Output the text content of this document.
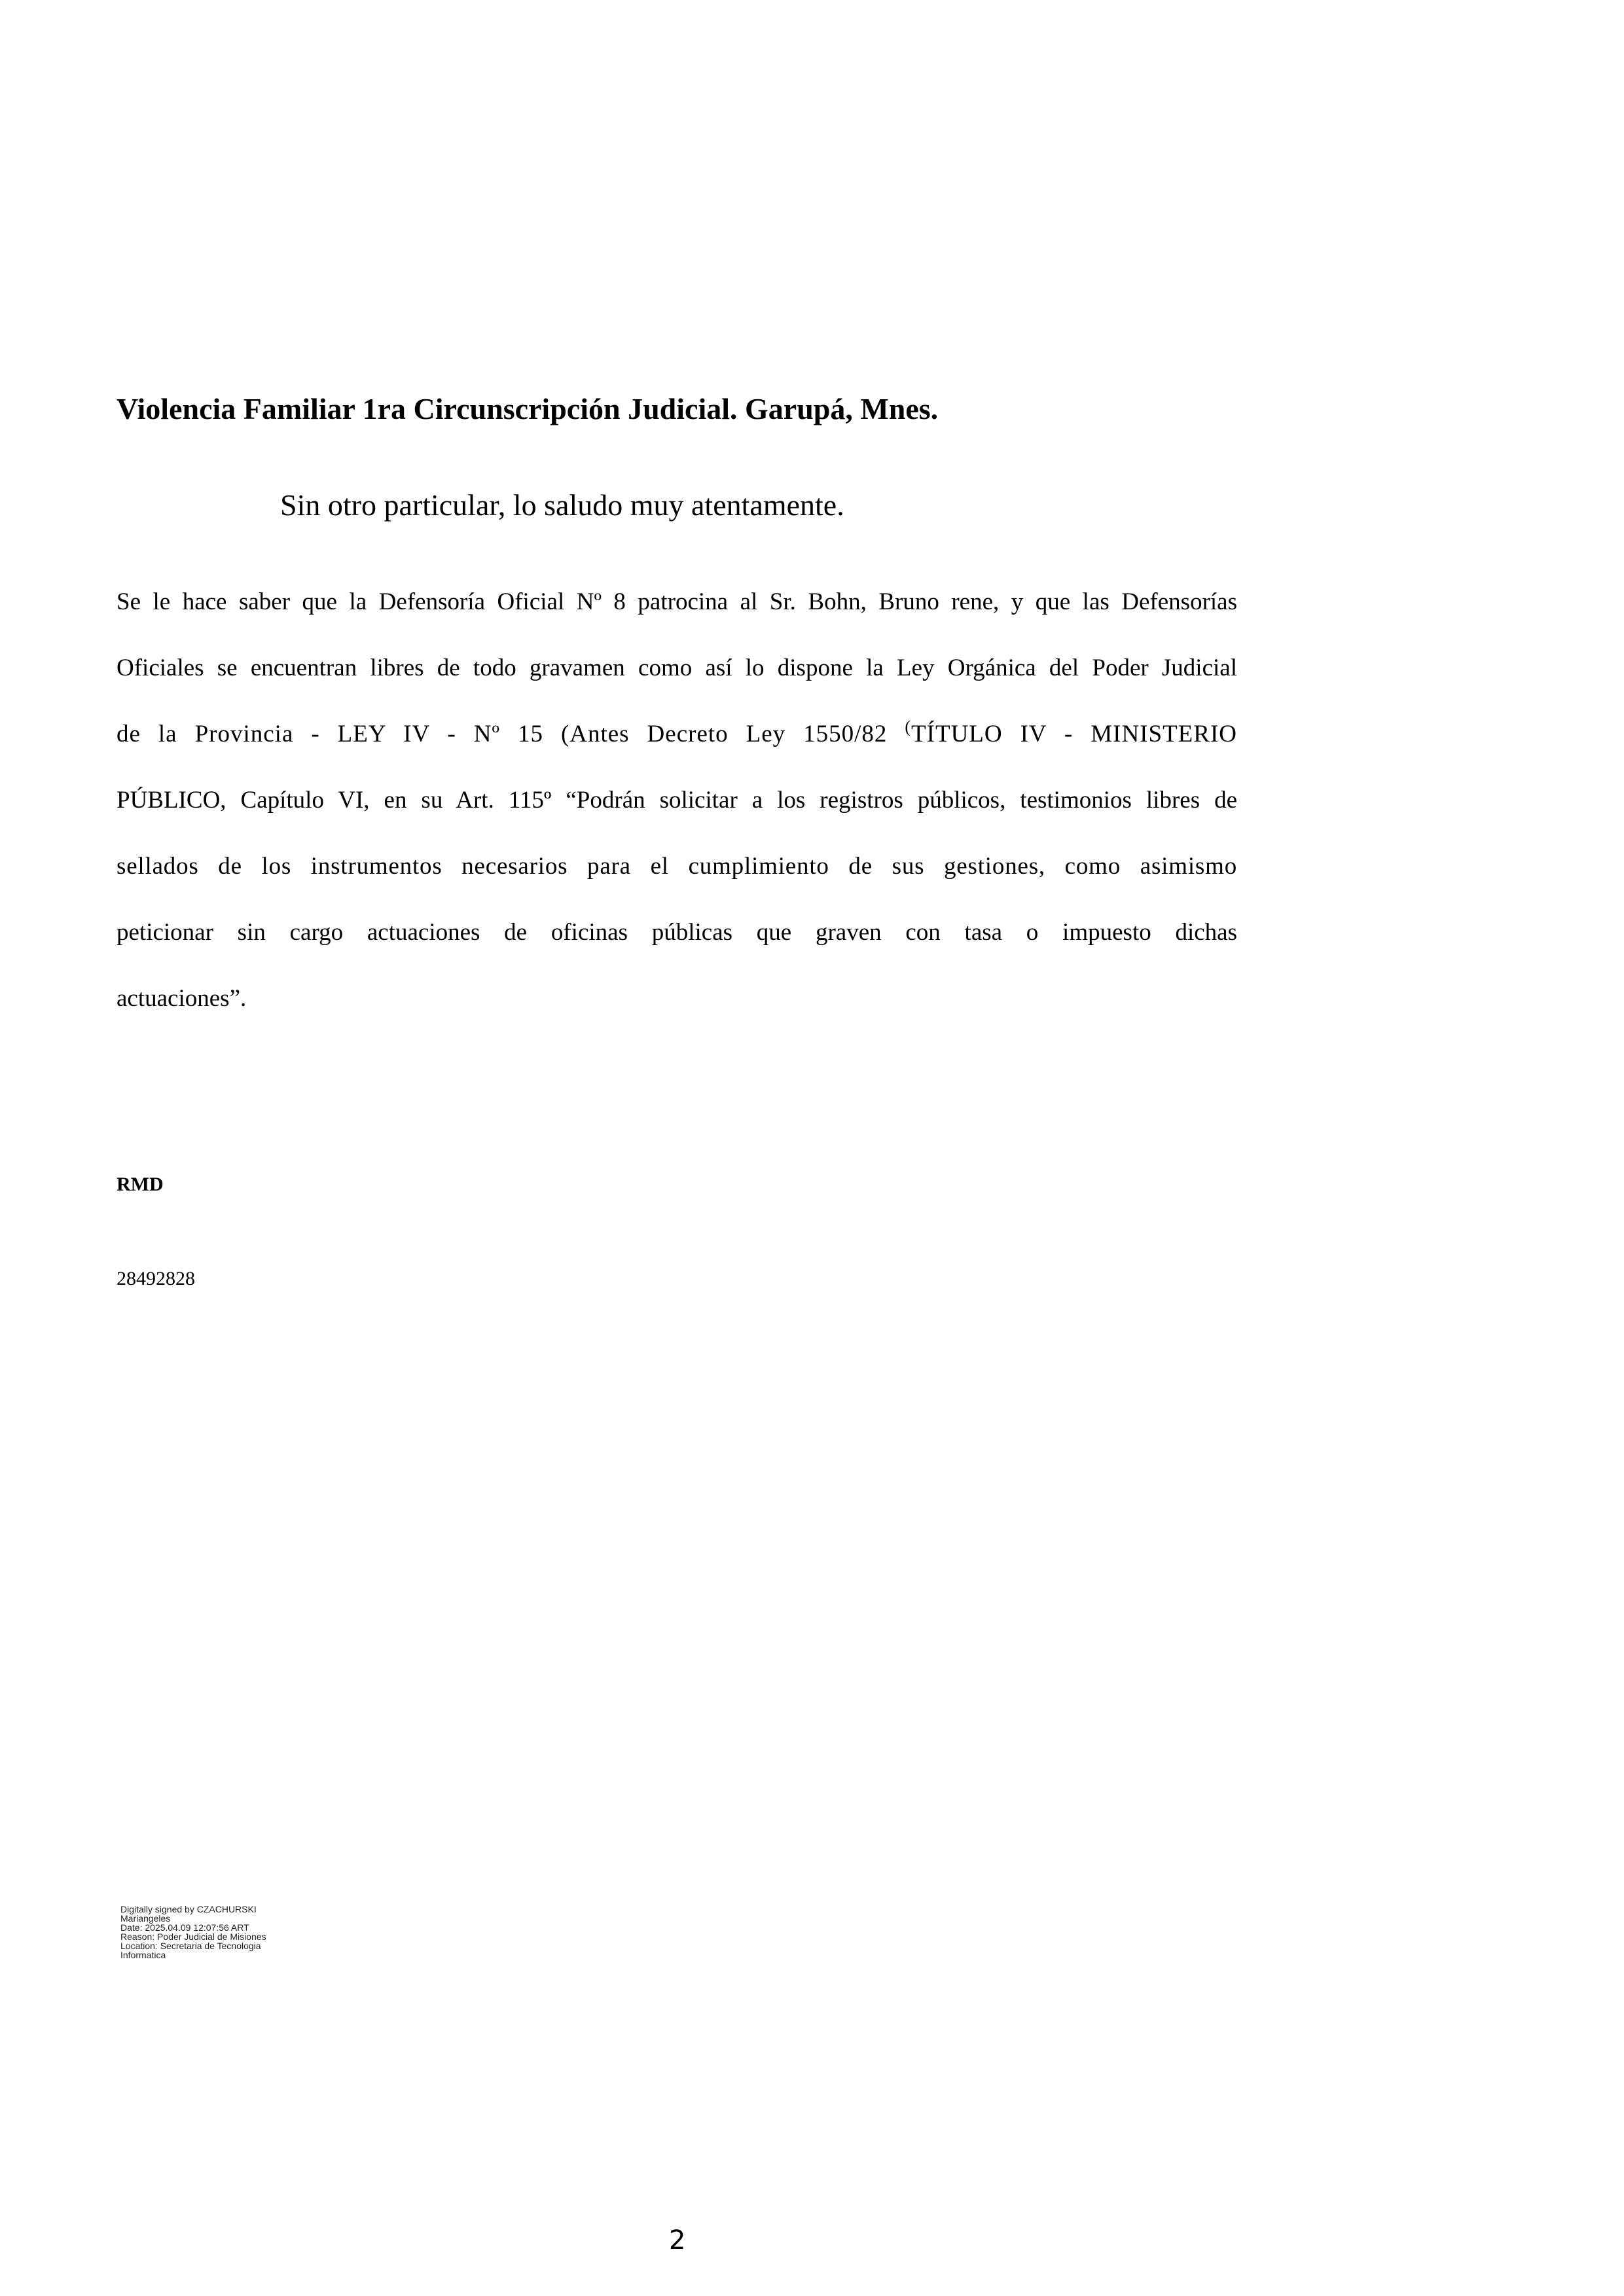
Violencia Familiar 1ra Circunscripción Judicial. Garupá, Mnes.
Sin otro particular, lo saludo muy atentamente.
Se le hace saber que la Defensoría Oficial Nº 8 patrocina al Sr. Bohn, Bruno rene, y que las Defensorías
Oficiales se encuentran libres de todo gravamen como así lo dispone la Ley Orgánica del Poder Judicial
de la Provincia - LEY IV - Nº 15 (Antes Decreto Ley 1550/82 (TÍTULO IV - MINISTERIO
PÚBLICO, Capítulo VI, en su Art. 115º “Podrán solicitar a los registros públicos, testimonios libres de
sellados de los instrumentos necesarios para el cumplimiento de sus gestiones, como asimismo
peticionar sin cargo actuaciones de oficinas públicas que graven con tasa o impuesto dichas
actuaciones”.
RMD
28492828
Digitally signed by CZACHURSKI
Mariangeles
Date: 2025.04.09 12:07:56 ART
Reason: Poder Judicial de Misiones
Location: Secretaria de Tecnologia
Informatica
2
